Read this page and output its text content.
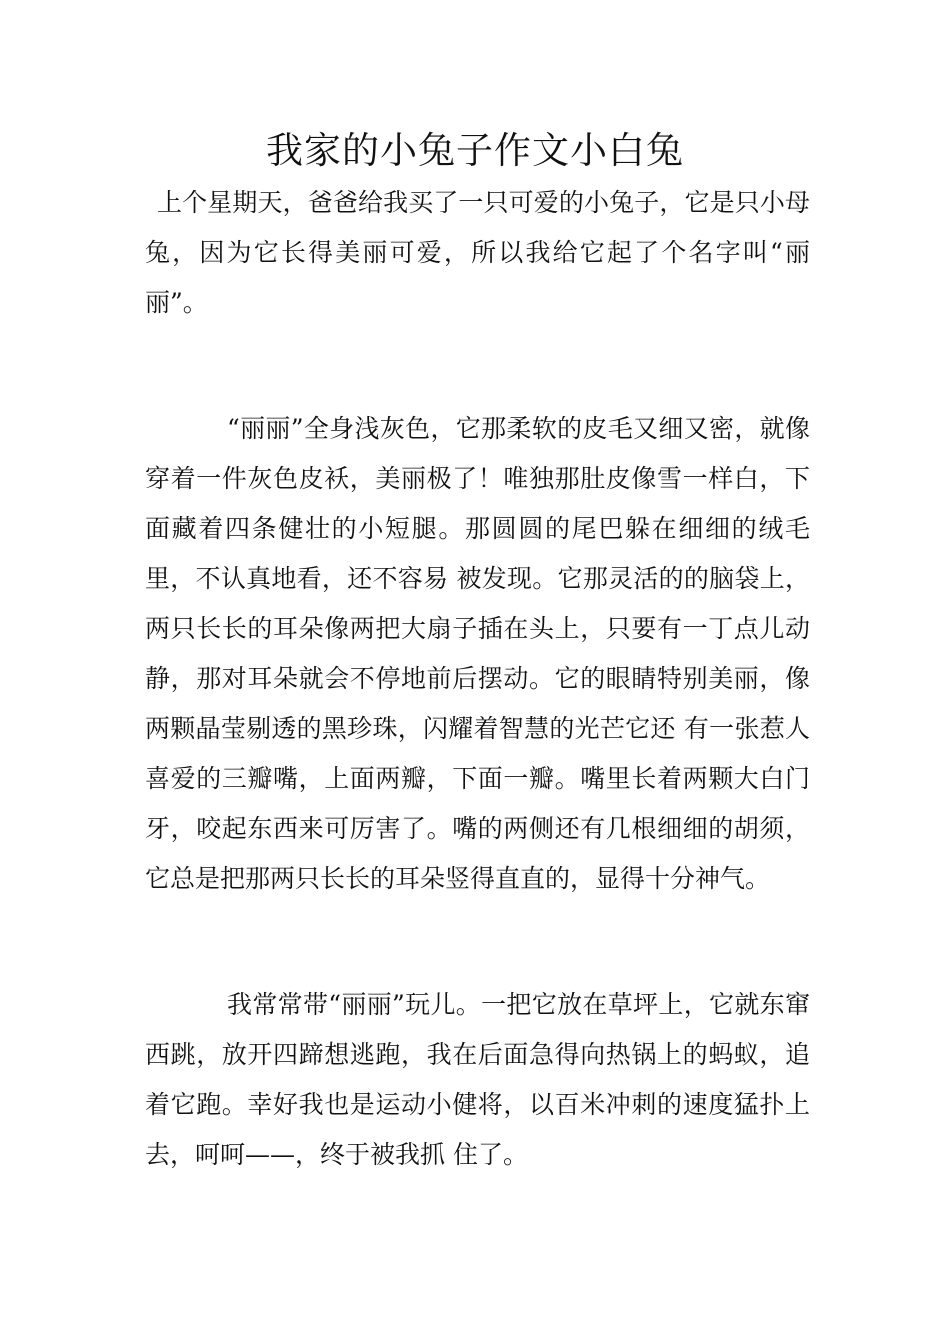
我家的小兔子作文小白兔

上个星期天，爸爸给我买了一只可爱的小兔子，它是只小母兔，因为它长得美丽可爱，所以我给它起了个名字叫“丽丽”。

“丽丽”全身浅灰色，它那柔软的皮毛又细又密，就像穿着一件灰色皮袄，美丽极了！唯独那肚皮像雪一样白，下面藏着四条健壮的小短腿。那圆圆的尾巴躲在细细的绒毛里，不认真地看，还不容易 被发现。它那灵活的的脑袋上，两只长长的耳朵像两把大扇子插在头上，只要有一丁点儿动静，那对耳朵就会不停地前后摆动。它的眼睛特别美丽，像两颗晶莹剔透的黑珍珠，闪耀着智慧的光芒它还 有一张惹人喜爱的三瓣嘴，上面两瓣，下面一瓣。嘴里长着两颗大白门牙，咬起东西来可厉害了。嘴的两侧还有几根细细的胡须，它总是把那两只长长的耳朵竖得直直的，显得十分神气。

我常常带“丽丽”玩儿。一把它放在草坪上，它就东窜西跳，放开四蹄想逃跑，我在后面急得向热锅上的蚂蚁，追着它跑。幸好我也是运动小健将，以百米冲刺的速度猛扑上去，呵呵——，终于被我抓 住了。
